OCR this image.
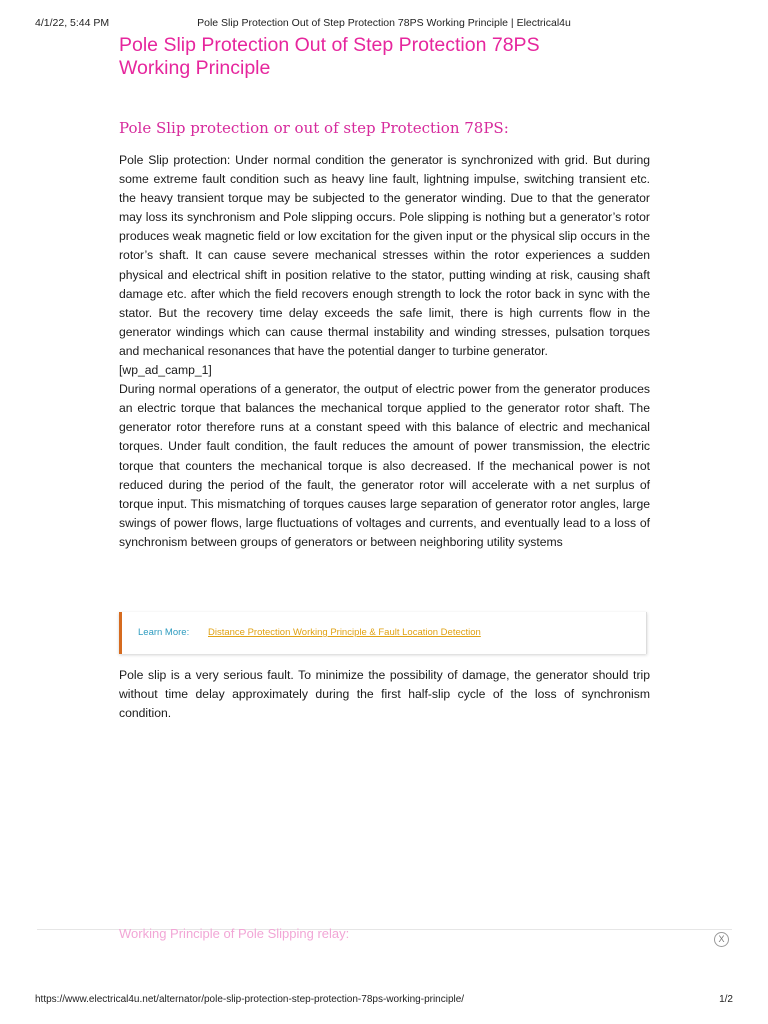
4/1/22, 5:44 PM	Pole Slip Protection Out of Step Protection 78PS Working Principle | Electrical4u
Pole Slip Protection Out of Step Protection 78PS
Working Principle
Pole Slip protection or out of step Protection 78PS:

Pole Slip protection: Under normal condition the generator is synchronized with grid. But during some extreme fault condition such as heavy line fault, lightning impulse, switching transient etc. the heavy transient torque may be subjected to the generator winding. Due to that the generator may loss its synchronism and Pole slipping occurs. Pole slipping is nothing but a generator’s rotor produces weak magnetic field or low excitation for the given input or the physical slip occurs in the rotor’s shaft. It can cause severe mechanical stresses within the rotor experiences a sudden physical and electrical shift in position relative to the stator, putting winding at risk, causing shaft damage etc. after which the field recovers enough strength to lock the rotor back in sync with the stator. But the recovery time delay exceeds the safe limit, there is high currents flow in the generator windings which can cause thermal instability and winding stresses, pulsation torques and mechanical resonances that have the potential danger to turbine generator.

[wp_ad_camp_1]

During normal operations of a generator, the output of electric power from the generator produces an electric torque that balances the mechanical torque applied to the generator rotor shaft. The generator rotor therefore runs at a constant speed with this balance of electric and mechanical torques. Under fault condition, the fault reduces the amount of power transmission, the electric torque that counters the mechanical torque is also decreased. If the mechanical power is not reduced during the period of the fault, the generator rotor will accelerate with a net surplus of torque input. This mismatching of torques causes large separation of generator rotor angles, large swings of power flows, large fluctuations of voltages and currents, and eventually lead to a loss of synchronism between groups of generators or between neighboring utility systems

Learn More: Distance Protection Working Principle & Fault Location Detection

Pole slip is a very serious fault. To minimize the possibility of damage, the generator should trip without time delay approximately during the first half-slip cycle of the loss of synchronism condition.

Working Principle of Pole Slipping relay:	X
https://www.electrical4u.net/alternator/pole-slip-protection-step-protection-78ps-working-principle/	1/2
